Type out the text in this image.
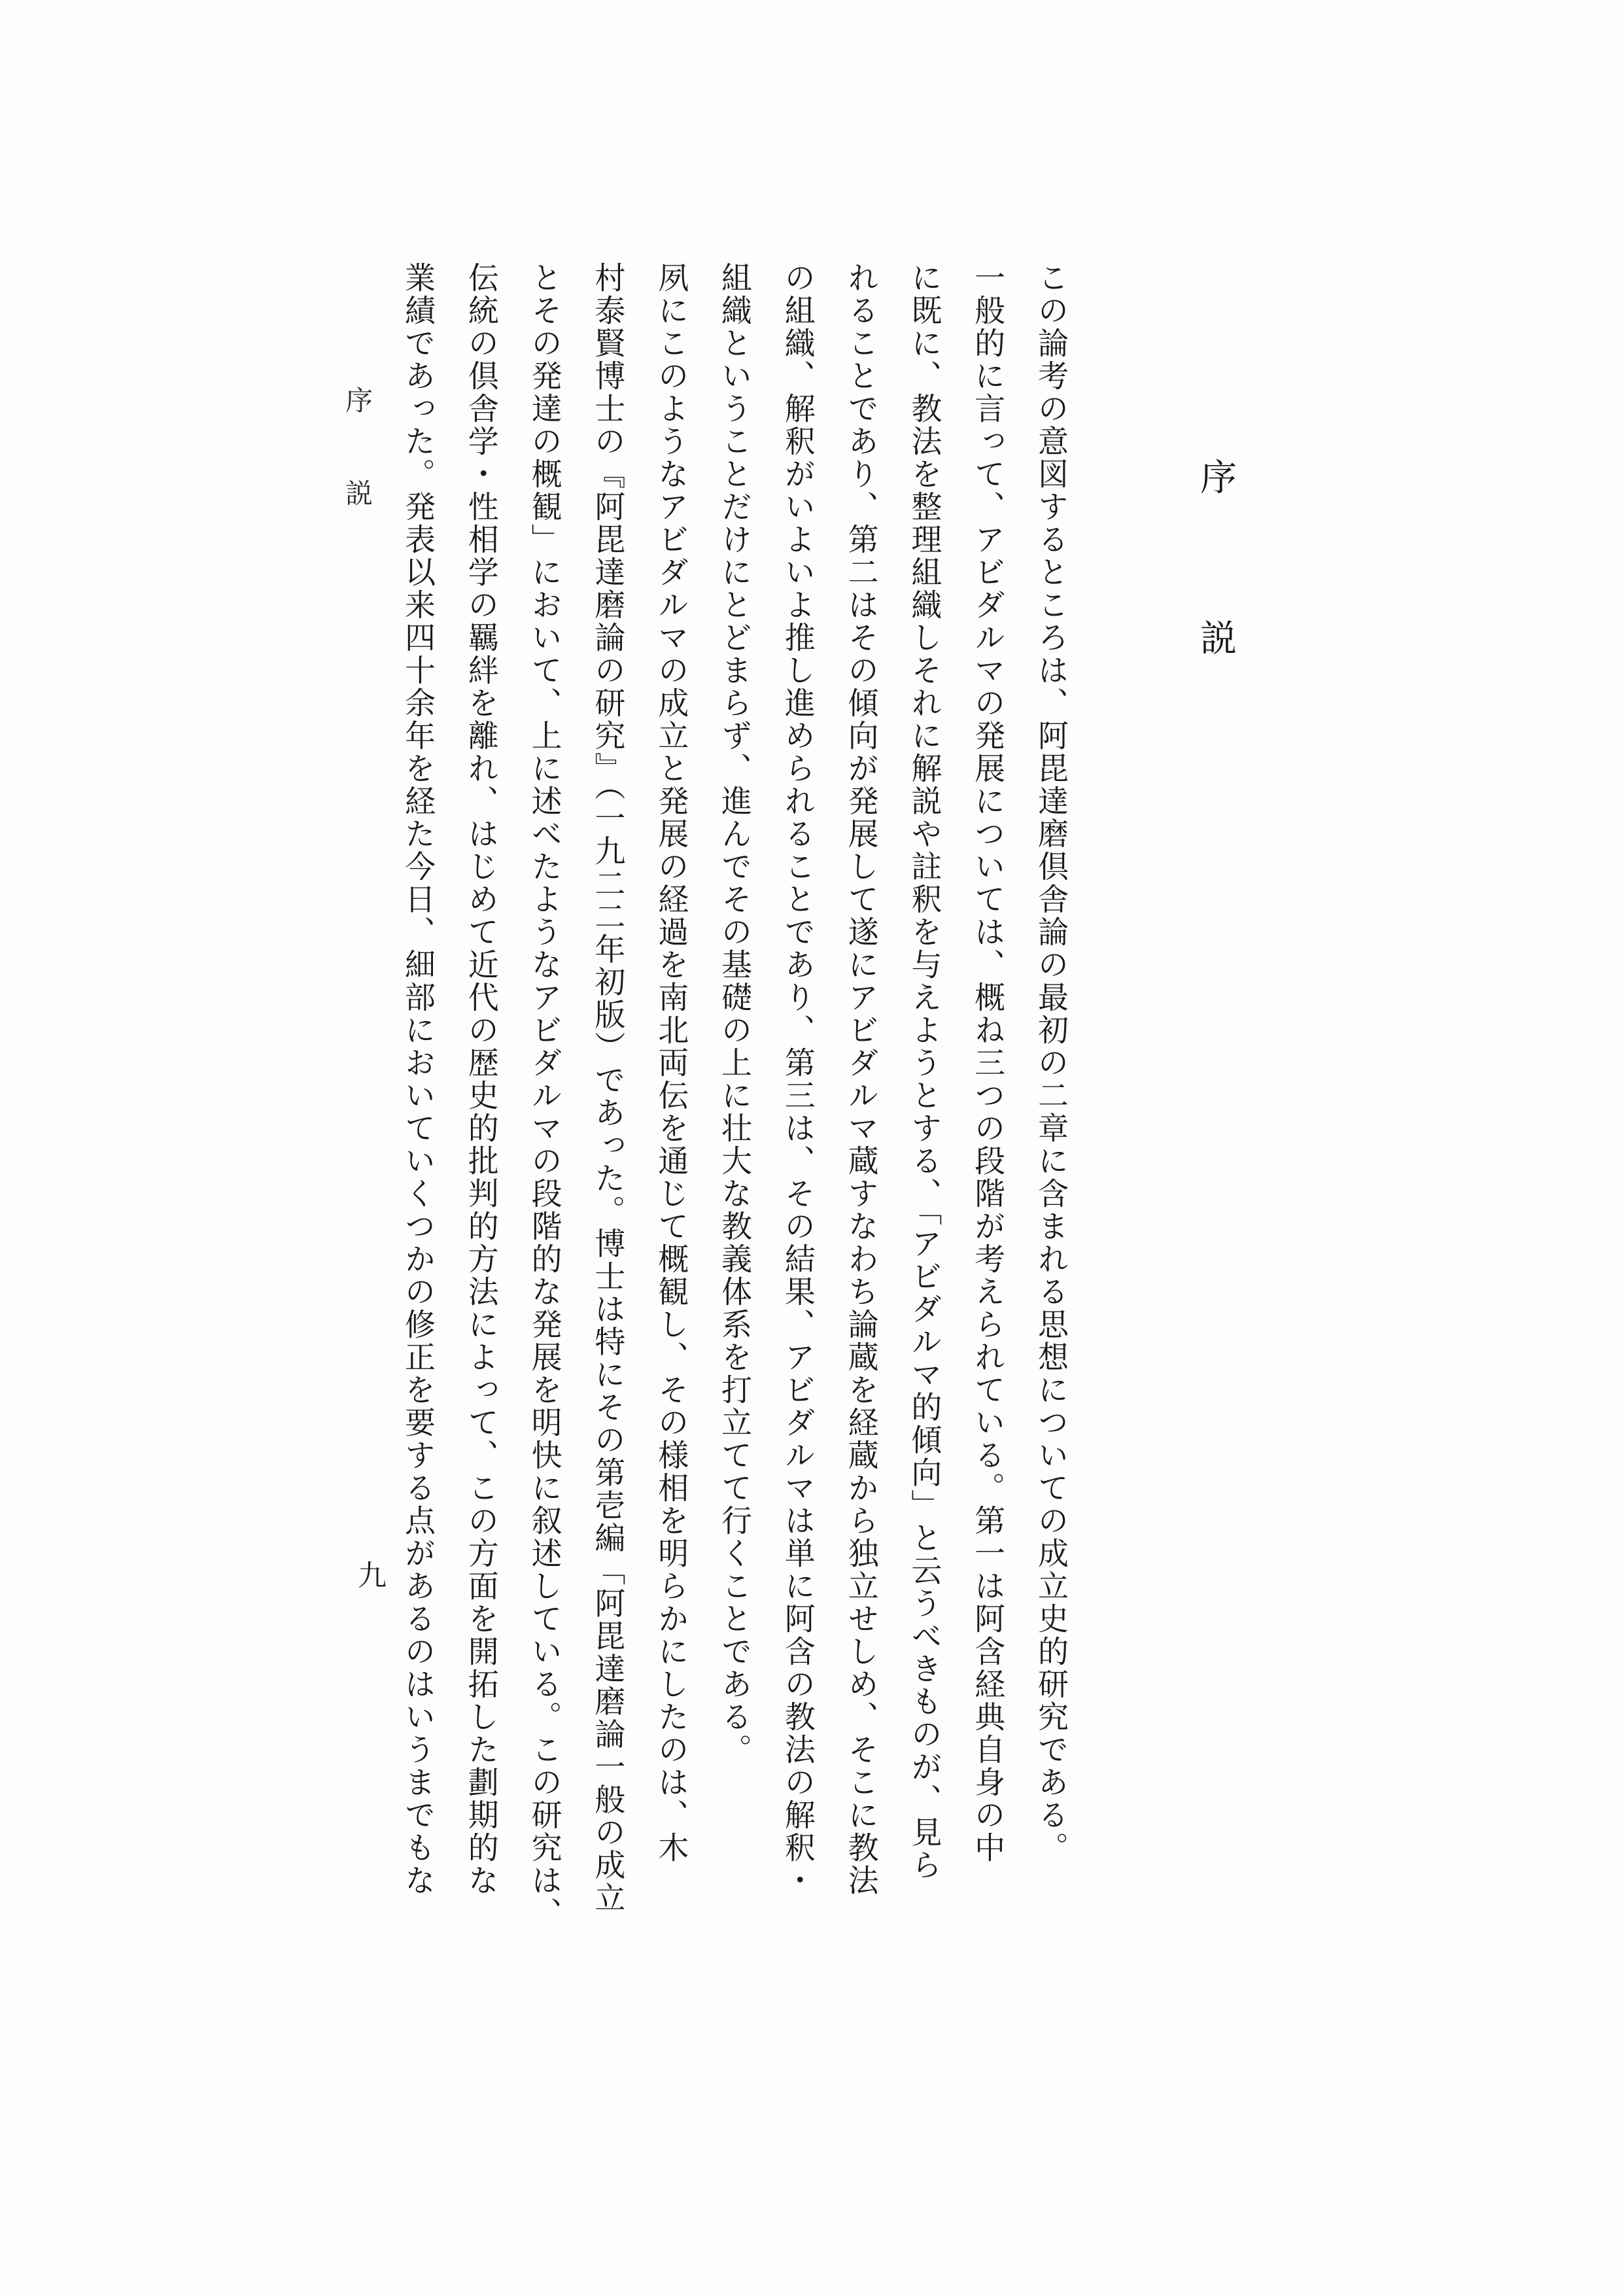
序説
この論考の意図するところは、阿毘達磨倶舎論の最初の二章に含まれる思想についての成立史的研究である。
一般的に言って、アビダルマの発展については、概ね三つの段階が考えられている。第一は阿含経典自身の中
に既に、教法を整理組織しそれに解説や註釈を与えようとする、「アビダルマ的傾向」と云うべきものが、見ら
れることであり、第二はその傾向が発展して遂にアビダルマ蔵すなわち論蔵を経蔵から独立せしめ、そこに教法
の組織、解釈がいよいよ推し進められることであり、第三は、その結果、アビダルマは単に阿含の教法の解釈・
組織ということだけにとどまらず、進んでその基礎の上に壮大な教義体系を打立てて行くことである。
夙にこのようなアビダルマの成立と発展の経過を南北両伝を通じて概観し、その様相を明らかにしたのは、木
村泰賢博士の『阿毘達磨論の研究』（一九二二年初版）であった。博士は特にその第壱編「阿毘達磨論一般の成立
とその発達の概観」において、上に述べたようなアビダルマの段階的な発展を明快に叙述している。この研究は、
伝統の倶舎学・性相学の羈絆を離れ、はじめて近代の歴史的批判的方法によって、この方面を開拓した劃期的な
業績であった。発表以来四十余年を経た今日、細部においていくつかの修正を要する点があるのはいうまでもな
序説
九
